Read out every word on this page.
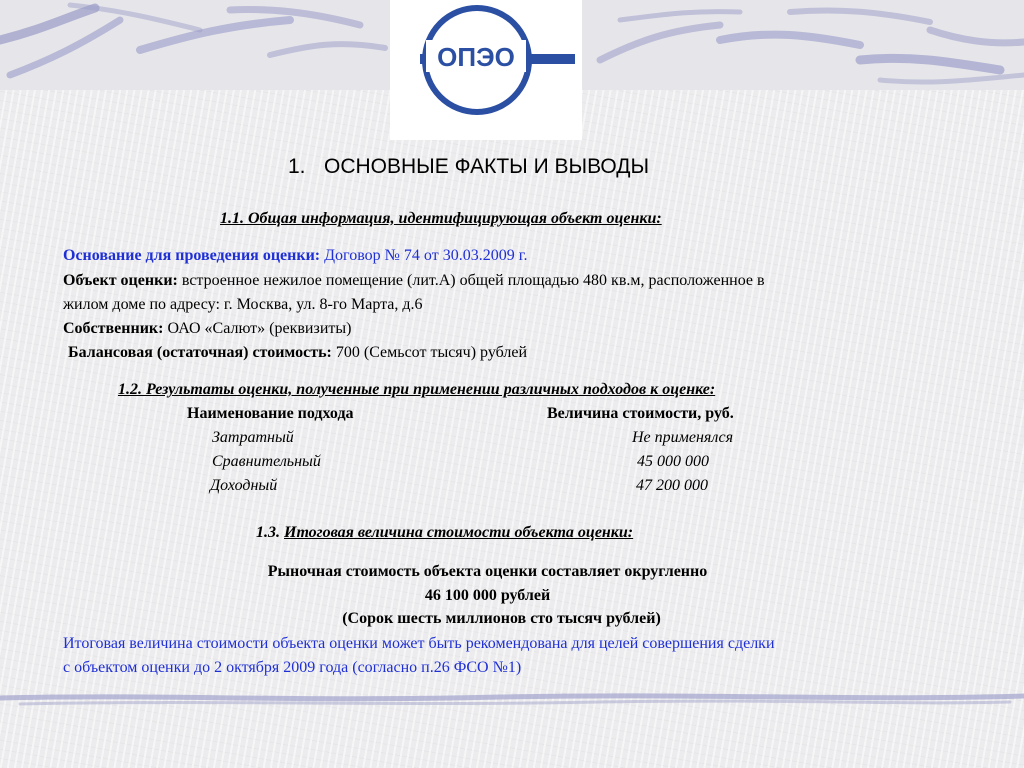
ОПЭО
1. ОСНОВНЫЕ ФАКТЫ И ВЫВОДЫ
1.1. Общая информация, идентифицирующая объект оценки:
Основание для проведения оценки: Договор № 74 от 30.03.2009 г.
Объект оценки: встроенное нежилое помещение (лит.А) общей площадью 480 кв.м, расположенное в
жилом доме по адресу: г. Москва, ул. 8-го Марта, д.6
Собственник: ОАО «Салют» (реквизиты)
Балансовая (остаточная) стоимость: 700 (Семьсот тысяч) рублей
1.2. Результаты оценки, полученные при применении различных подходов к оценке:
Наименование подхода	Величина стоимости, руб.
Затратный	Не применялся
Сравнительный	45 000 000
Доходный	47 200 000
1.3. Итоговая величина стоимости объекта оценки:
Рыночная стоимость объекта оценки составляет округленно
46 100 000 рублей
(Сорок шесть миллионов сто тысяч рублей)
Итоговая величина стоимости объекта оценки может быть рекомендована для целей совершения сделки
с объектом оценки до 2 октября 2009 года (согласно п.26 ФСО №1)
